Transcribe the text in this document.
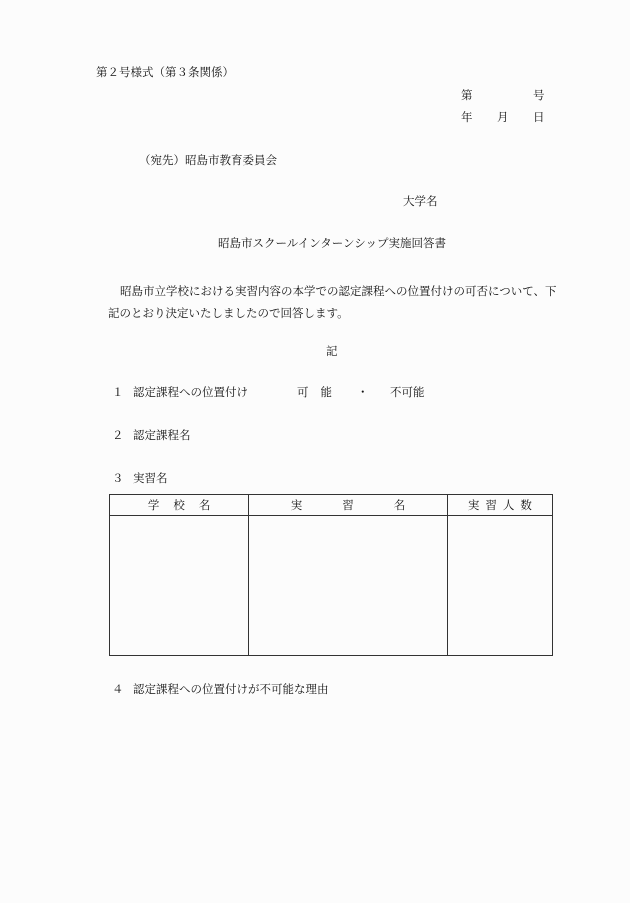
第２号様式（第３条関係）
第	号
年 月 日
（宛先）昭島市教育委員会
大学名
昭島市スクールインターンシップ実施回答書
昭島市立学校における実習内容の本学での認定課程への位置付けの可否について、下
記のとおり決定いたしましたので回答します。
記
１ 認定課程への位置付け	可能 ・ 不可能
２ 認定課程名
３ 実習名
学校名	実習名	実習人数

４ 認定課程への位置付けが不可能な理由
